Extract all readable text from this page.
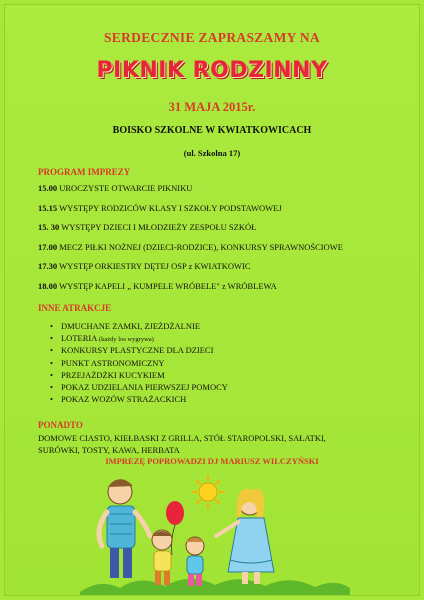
SERDECZNIE ZAPRASZAMY NA
PIKNIK RODZINNY
31 MAJA 2015r.
BOISKO SZKOLNE W KWIATKOWICACH
(ul. Szkolna 17)
PROGRAM IMPREZY
15.00 UROCZYSTE OTWARCIE PIKNIKU
15.15 WYSTĘPY RODZICÓW KLASY I SZKOŁY PODSTAWOWEJ
15. 30 WYSTĘPY DZIECI I MŁODZIEŻY ZESPOŁU SZKÓŁ
17.00 MECZ PIŁKI NOŻNEJ (DZIECI-RODZICE), KONKURSY SPRAWNOŚCIOWE
17.30 WYSTĘP ORKIESTRY DĘTEJ OSP z KWIATKOWIC
18.00 WYSTĘP KAPELI „ KUMPELE WRÓBELE" z WRÓBLEWA
INNE ATRAKCJE
• DMUCHANE ZAMKI, ZJEŻDŻALNIE
• LOTERIA (każdy los wygrywa)
• KONKURSY PLASTYCZNE DLA DZIECI
• PUNKT ASTRONOMICZNY
• PRZEJAŻDŻKI KUCYKIEM
• POKAZ UDZIELANIA PIERWSZEJ POMOCY
• POKAZ WOZÓW STRAŻACKICH
PONADTO
DOMOWE CIASTO, KIEŁBASKI Z GRILLA, STÓŁ STAROPOLSKI, SAŁATKI,
SURÓWKI, TOSTY, KAWA, HERBATA
IMPREZĘ POPROWADZI DJ MARIUSZ WILCZYŃSKI
